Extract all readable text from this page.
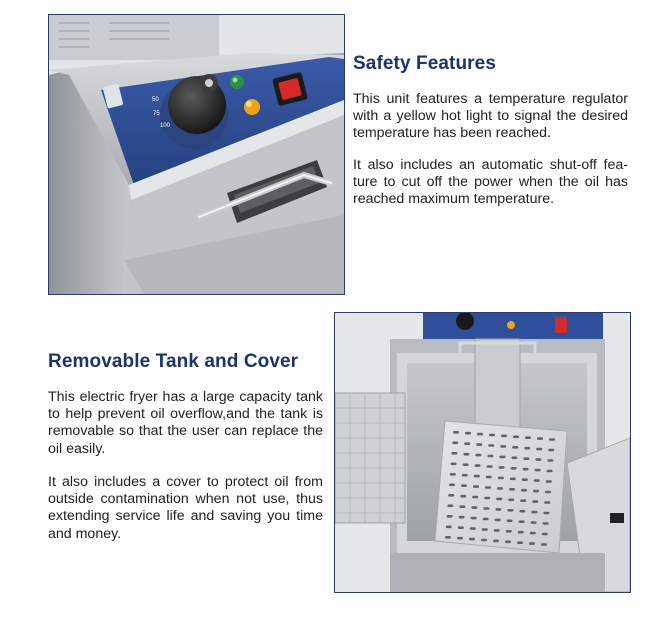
50
75
100
Safety Features

This unit features a temperature regulator with a yellow hot light to signal the desired temperature has been reached.

It also includes an automatic shut-off fea-ture to cut off the power when the oil has reached maximum temperature.

Removable Tank and Cover

This electric fryer has a large capacity tank to help prevent oil overflow,and the tank is removable so that the user can replace the oil easily.

It also includes a cover to protect oil from outside contamination when not use, thus extending service life and saving you time and money.
